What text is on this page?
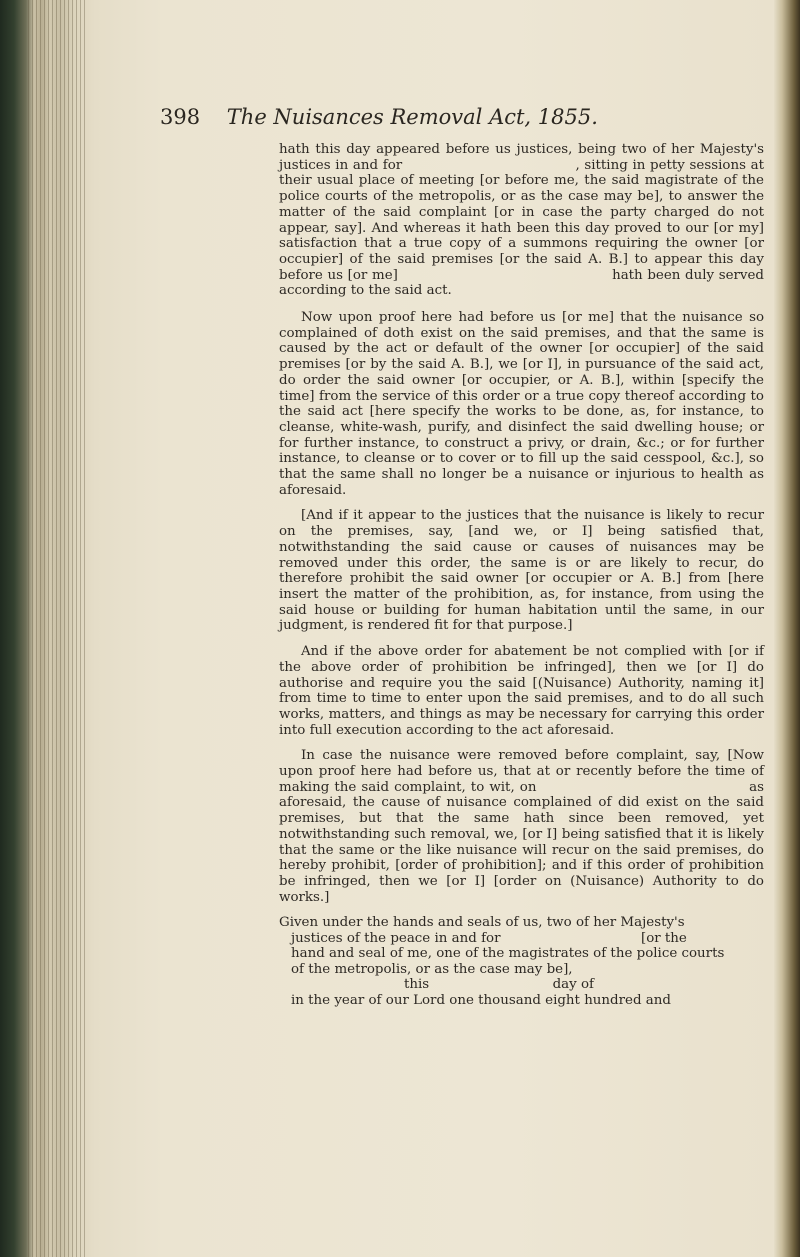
398 The Nuisances Removal Act, 1855.

hath this day appeared before us justices, being two of her Majesty's justices in and for                                     , sitting in petty sessions at their usual place of meeting [or before me, the said magistrate of the police courts of the metropolis, or as the case may be], to answer the matter of the said complaint [or in case the party charged do not appear, say]. And whereas it hath been this day proved to our [or my] satisfaction that a true copy of a summons requiring the owner [or occupier] of the said premises [or the said A. B.] to appear this day before us [or me]                                              hath been duly served according to the said act.

Now upon proof here had before us [or me] that the nuisance so complained of doth exist on the said premises, and that the same is caused by the act or default of the owner [or occupier] of the said premises [or by the said A. B.], we [or I], in pursuance of the said act, do order the said owner [or occupier, or A. B.], within [specify the time] from the service of this order or a true copy thereof according to the said act [here specify the works to be done, as, for instance, to cleanse, white-wash, purify, and disinfect the said dwelling house; or for further instance, to construct a privy, or drain, &c.; or for further instance, to cleanse or to cover or to fill up the said cesspool, &c.], so that the same shall no longer be a nuisance or injurious to health as aforesaid.

[And if it appear to the justices that the nuisance is likely to recur on the premises, say, [and we, or I] being satisfied that, notwithstanding the said cause or causes of nuisances may be removed under this order, the same is or are likely to recur, do therefore prohibit the said owner [or occupier or A. B.] from [here insert the matter of the prohibition, as, for instance, from using the said house or building for human habitation until the same, in our judgment, is rendered fit for that purpose.]

And if the above order for abatement be not complied with [or if the above order of prohibition be infringed], then we [or I] do authorise and require you the said [(Nuisance) Authority, naming it] from time to time to enter upon the said premises, and to do all such works, matters, and things as may be necessary for carrying this order into full execution according to the act aforesaid.

In case the nuisance were removed before complaint, say, [Now upon proof here had before us, that at or recently before the time of making the said complaint, to wit, on                                          as aforesaid, the cause of nuisance complained of did exist on the said premises, but that the same hath since been removed, yet notwithstanding such removal, we, [or I] being satisfied that it is likely that the same or the like nuisance will recur on the said premises, do hereby prohibit, [order of prohibition]; and if this order of prohibition be infringed, then we [or I] [order on (Nuisance) Authority to do works.]

Given under the hands and seals of us, two of her Majesty's
justices of the peace in and for                                 [or the
hand and seal of me, one of the magistrates of the police courts
of the metropolis, or as the case may be],
this                             day of
in the year of our Lord one thousand eight hundred and
